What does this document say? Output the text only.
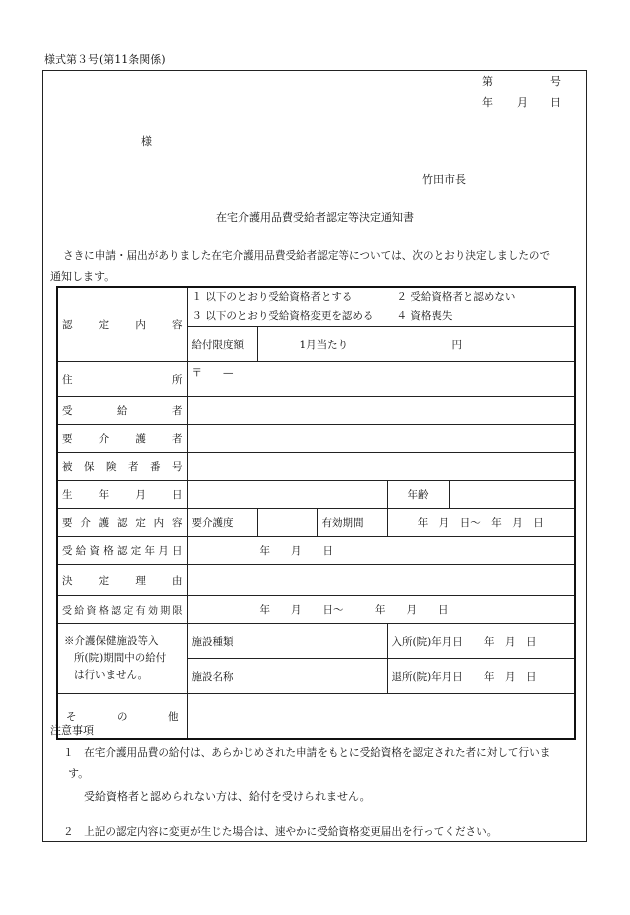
様式第３号(第11条関係)
第	号
年 月 日
様
竹田市長
在宅介護用品費受給者認定等決定通知書
さきに申請・届出がありました在宅介護用品費受給者認定等については、次のとおり決定しましたので
通知します。
認定内容	１ 以下のとおり受給資格者とする ２ 受給資格者と認めない
３ 以下のとおり受給資格変更を認める ４ 資格喪失				

	給付限度額	1月当たり 円			

住所	〒　　—				

受給者					

要介護者					

被保険者番号					

生年月日				年齢	

要介護認定内容	要介護度		有効期間	年　月　日〜　年　月　日	

受給資格認定年月日	年　　月　　日				

決定理由					

受給資格認定有効期限	年　　月　　日〜　　　年　　月　　日				

※介護保健施設等入
所(院)期間中の給付
は行いません。	施設種類			入所(院)年月日 年　月　日	
	施設名称			退所(院)年月日 年　月　日	

その他					

注意事項
１　在宅介護用品費の給付は、あらかじめされた申請をもとに受給資格を認定された者に対して行いま
す。
受給資格者と認められない方は、給付を受けられません。
２　上記の認定内容に変更が生じた場合は、速やかに受給資格変更届出を行ってください。
